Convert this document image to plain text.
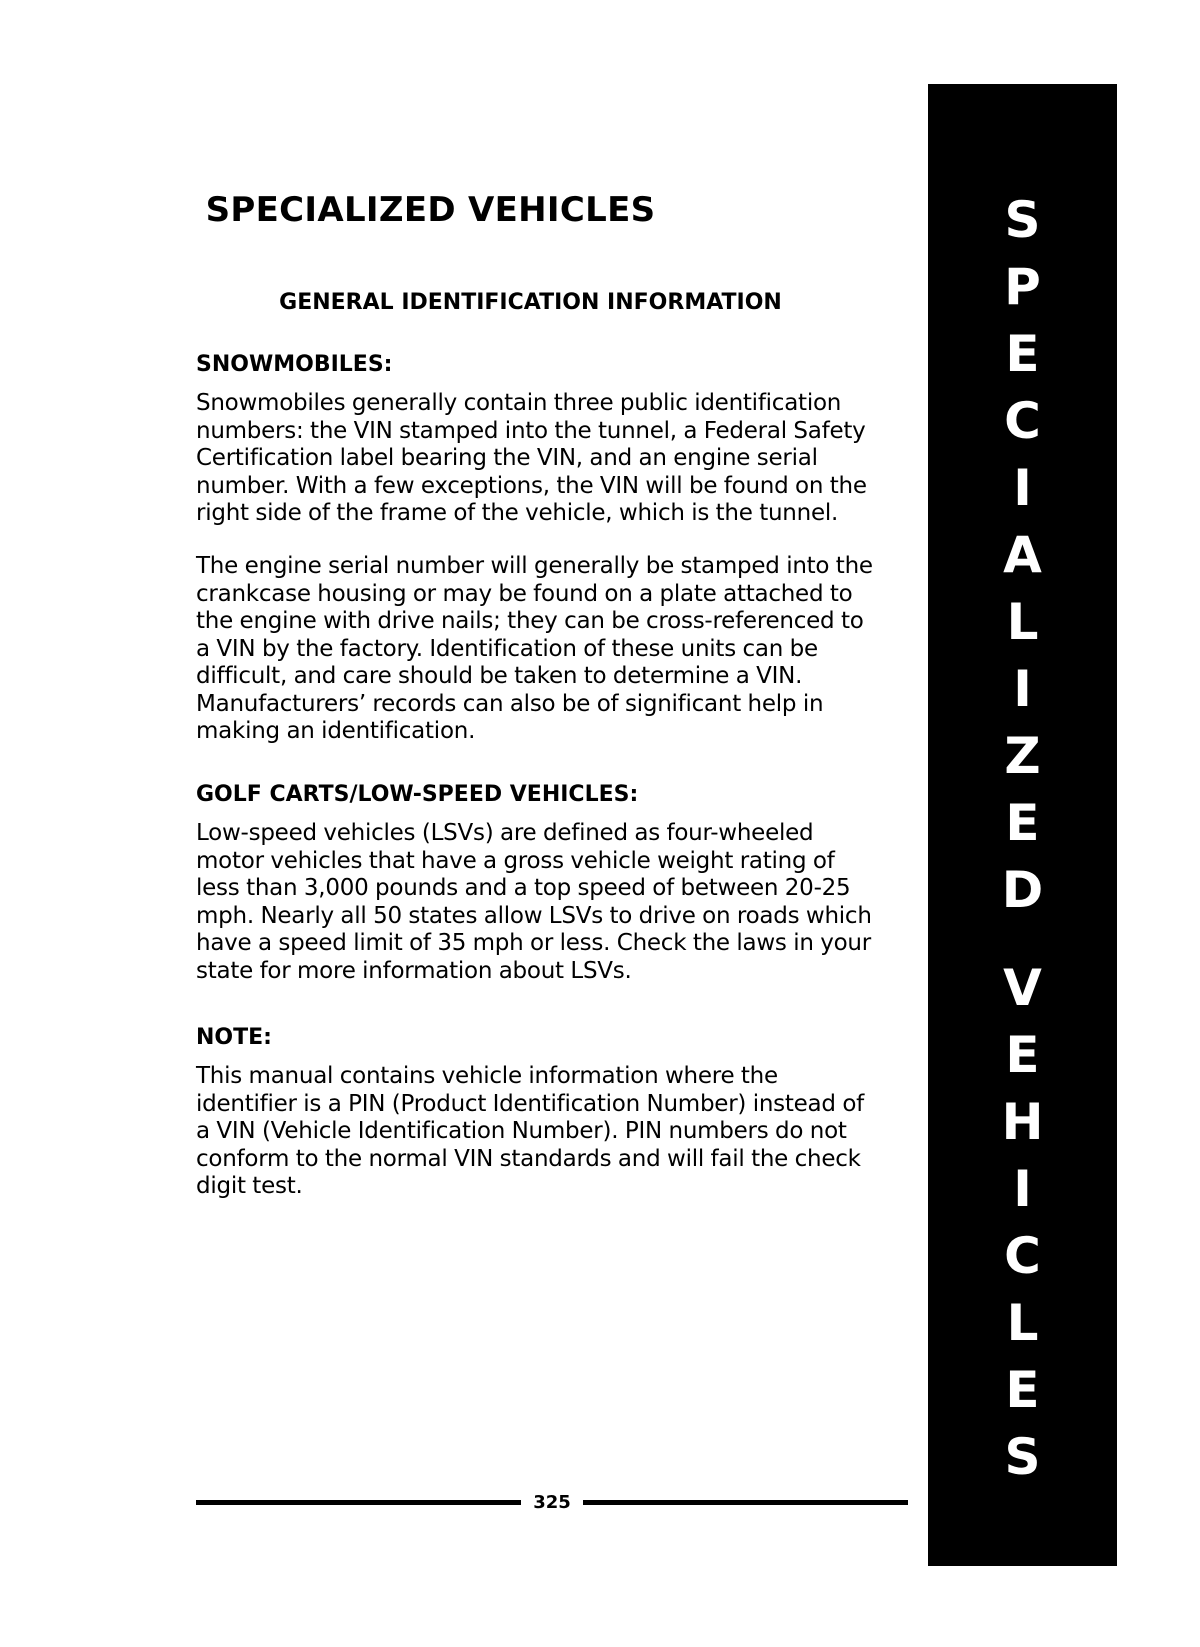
SPECIALIZED VEHICLES
GENERAL IDENTIFICATION INFORMATION
SNOWMOBILES:

Snowmobiles generally contain three public identification numbers: the VIN stamped into the tunnel, a Federal Safety Certification label bearing the VIN, and an engine serial number. With a few exceptions, the VIN will be found on the right side of the frame of the vehicle, which is the tunnel.

The engine serial number will generally be stamped into the crankcase housing or may be found on a plate attached to the engine with drive nails; they can be cross-referenced to a VIN by the factory. Identification of these units can be difficult, and care should be taken to determine a VIN. Manufacturers’ records can also be of significant help in making an identification.

GOLF CARTS/LOW-SPEED VEHICLES:

Low-speed vehicles (LSVs) are defined as four-wheeled motor vehicles that have a gross vehicle weight rating of less than 3,000 pounds and a top speed of between 20-25 mph. Nearly all 50 states allow LSVs to drive on roads which have a speed limit of 35 mph or less. Check the laws in your state for more information about LSVs.

NOTE:

This manual contains vehicle information where the identifier is a PIN (Product Identification Number) instead of a VIN (Vehicle Identification Number). PIN numbers do not conform to the normal VIN standards and will fail the check digit test.

325
S
P
E
C
I
A
L
I
Z
E
D
V
E
H
I
C
L
E
S
